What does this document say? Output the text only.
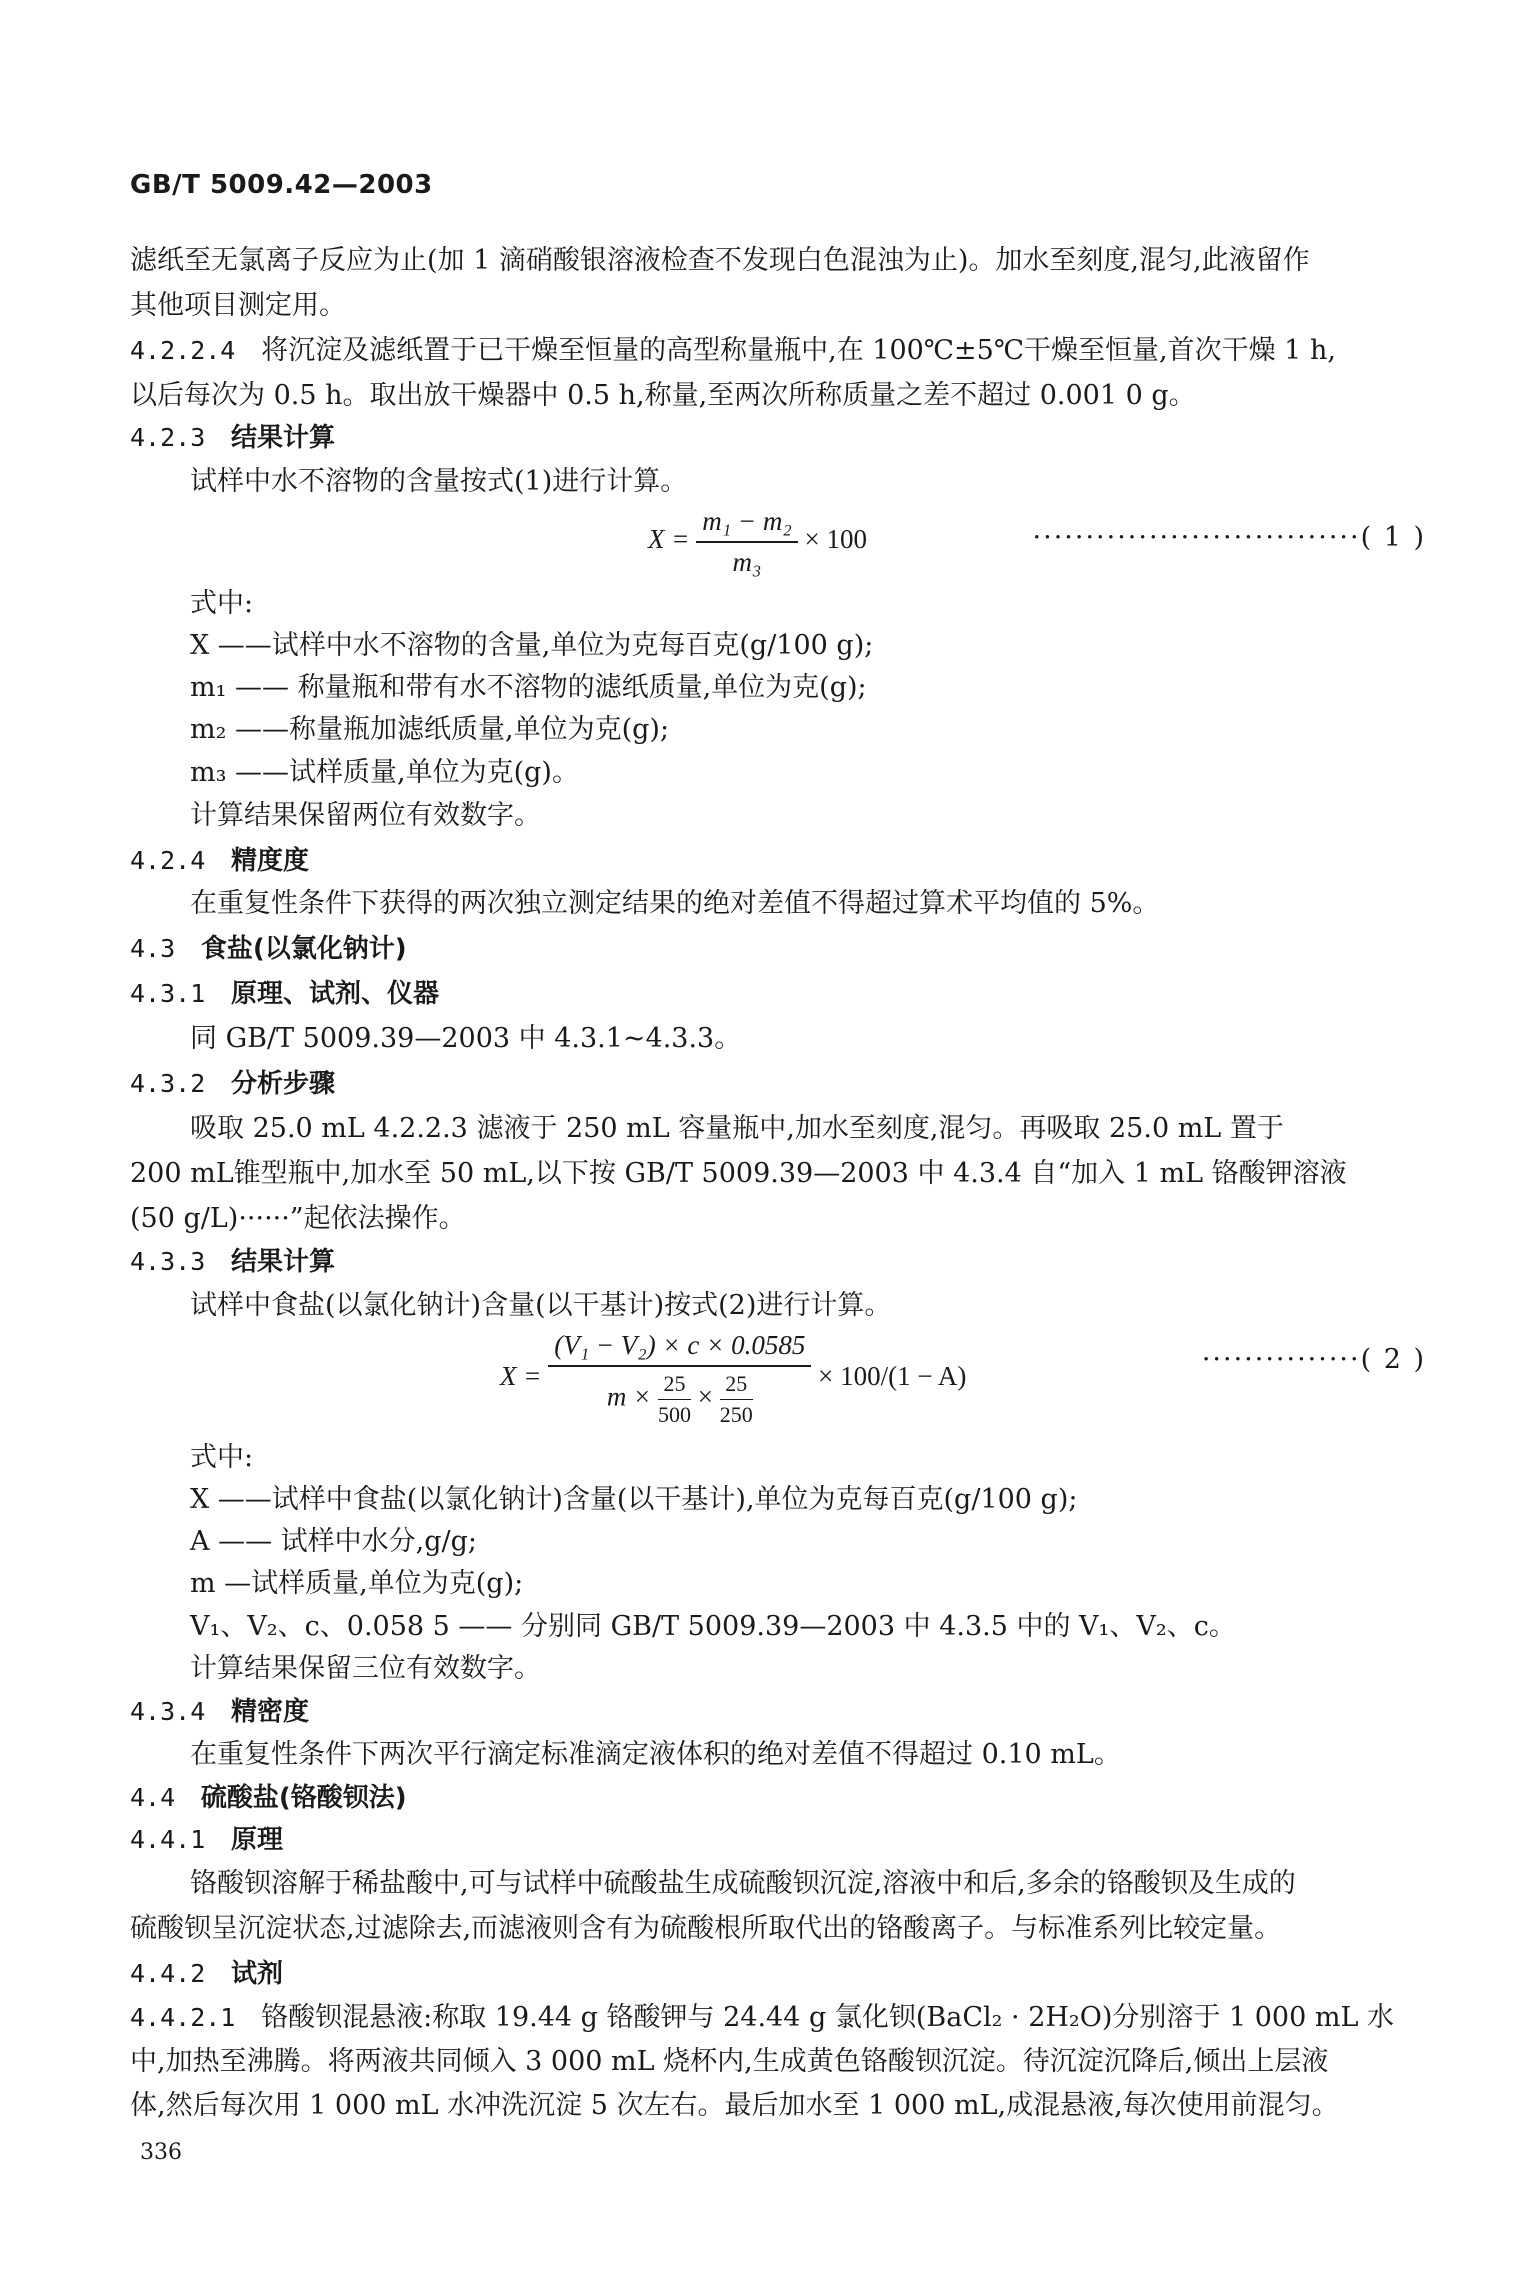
GB/T 5009.42—2003
滤纸至无氯离子反应为止(加 1 滴硝酸银溶液检查不发现白色混浊为止)。加水至刻度,混匀,此液留作
其他项目测定用。
4.2.2.4 将沉淀及滤纸置于已干燥至恒量的高型称量瓶中,在 100℃±5℃干燥至恒量,首次干燥 1 h,
以后每次为 0.5 h。取出放干燥器中 0.5 h,称量,至两次所称质量之差不超过 0.001 0 g。
4.2.3 结果计算
试样中水不溶物的含量按式(1)进行计算。
$X = \frac{\text{m₁ − m₂}}{\text{m₃}} \times 100$	·······························( 1 )
式中:
X ——试样中水不溶物的含量,单位为克每百克(g/100 g);
m₁ —— 称量瓶和带有水不溶物的滤纸质量,单位为克(g);
m₂ ——称量瓶加滤纸质量,单位为克(g);
m₃ ——试样质量,单位为克(g)。
计算结果保留两位有效数字。
4.2.4 精度度
在重复性条件下获得的两次独立测定结果的绝对差值不得超过算术平均值的 5%。
4.3 食盐(以氯化钠计)
4.3.1 原理、试剂、仪器
同 GB/T 5009.39—2003 中 4.3.1~4.3.3。
4.3.2 分析步骤
吸取 25.0 mL 4.2.2.3 滤液于 250 mL 容量瓶中,加水至刻度,混匀。再吸取 25.0 mL 置于
200 mL锥型瓶中,加水至 50 mL,以下按 GB/T 5009.39—2003 中 4.3.4 自“加入 1 mL 铬酸钾溶液
(50 g/L)······”起依法操作。
4.3.3 结果计算
试样中食盐(以氯化钠计)含量(以干基计)按式(2)进行计算。
X =
(V₁ − V₂) × c × 0.0585
$m \times \frac{25}{500} \times \frac{25}{250} \times 100/(1 - A)$
···············( 2 )
式中:
X ——试样中食盐(以氯化钠计)含量(以干基计),单位为克每百克(g/100 g);
A —— 试样中水分,g/g;
m —试样质量,单位为克(g);
V₁、V₂、c、0.058 5 —— 分别同 GB/T 5009.39—2003 中 4.3.5 中的 V₁、V₂、c。
计算结果保留三位有效数字。
4.3.4 精密度
在重复性条件下两次平行滴定标准滴定液体积的绝对差值不得超过 0.10 mL。
4.4 硫酸盐(铬酸钡法)
4.4.1 原理
铬酸钡溶解于稀盐酸中,可与试样中硫酸盐生成硫酸钡沉淀,溶液中和后,多余的铬酸钡及生成的
硫酸钡呈沉淀状态,过滤除去,而滤液则含有为硫酸根所取代出的铬酸离子。与标准系列比较定量。
4.4.2 试剂
4.4.2.1 铬酸钡混悬液:称取 19.44 g 铬酸钾与 24.44 g 氯化钡(BaCl₂ · 2H₂O)分别溶于 1 000 mL 水
中,加热至沸腾。将两液共同倾入 3 000 mL 烧杯内,生成黄色铬酸钡沉淀。待沉淀沉降后,倾出上层液
体,然后每次用 1 000 mL 水冲洗沉淀 5 次左右。最后加水至 1 000 mL,成混悬液,每次使用前混匀。
336
